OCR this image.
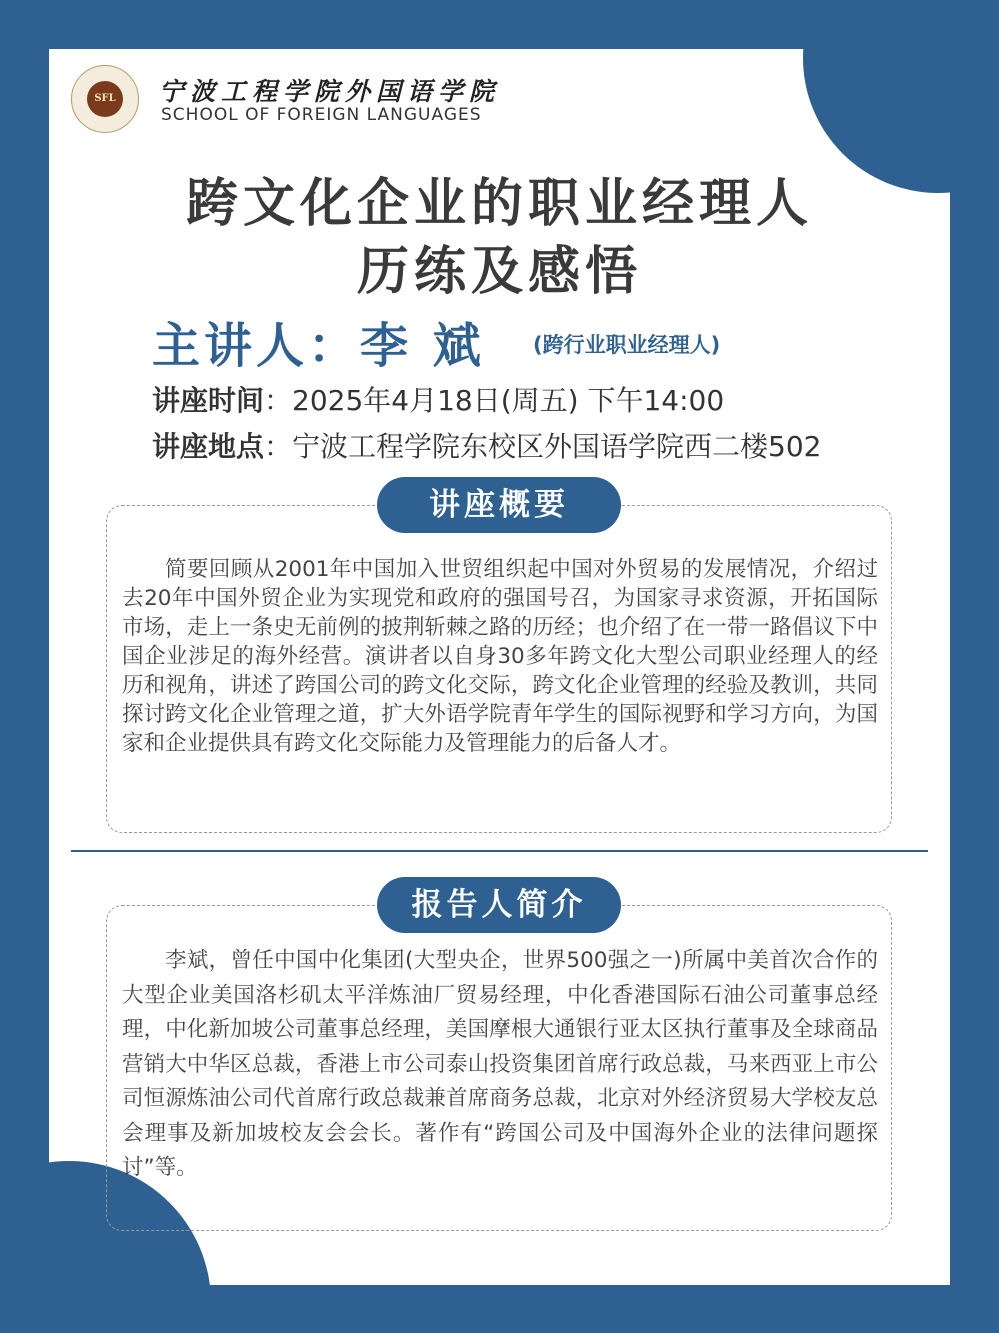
SFL 宁波工程学院外国语学院
SCHOOL OF FOREIGN LANGUAGES
跨文化企业的职业经理人
历练及感悟
主讲人：李 斌 (跨行业职业经理人)
讲座时间：2025年4月18日(周五) 下午14:00
讲座地点：宁波工程学院东校区外国语学院西二楼502
讲座概要
简要回顾从2001年中国加入世贸组织起中国对外贸易的发展情况，介绍过去20年中国外贸企业为实现党和政府的强国号召，为国家寻求资源，开拓国际市场，走上一条史无前例的披荆斩棘之路的历经；也介绍了在一带一路倡议下中国企业涉足的海外经营。演讲者以自身30多年跨文化大型公司职业经理人的经历和视角，讲述了跨国公司的跨文化交际，跨文化企业管理的经验及教训，共同探讨跨文化企业管理之道，扩大外语学院青年学生的国际视野和学习方向，为国家和企业提供具有跨文化交际能力及管理能力的后备人才。
报告人简介
李斌，曾任中国中化集团(大型央企，世界500强之一)所属中美首次合作的大型企业美国洛杉矶太平洋炼油厂贸易经理，中化香港国际石油公司董事总经理，中化新加坡公司董事总经理，美国摩根大通银行亚太区执行董事及全球商品营销大中华区总裁，香港上市公司泰山投资集团首席行政总裁，马来西亚上市公司恒源炼油公司代首席行政总裁兼首席商务总裁，北京对外经济贸易大学校友总会理事及新加坡校友会会长。著作有“跨国公司及中国海外企业的法律问题探讨”等。
